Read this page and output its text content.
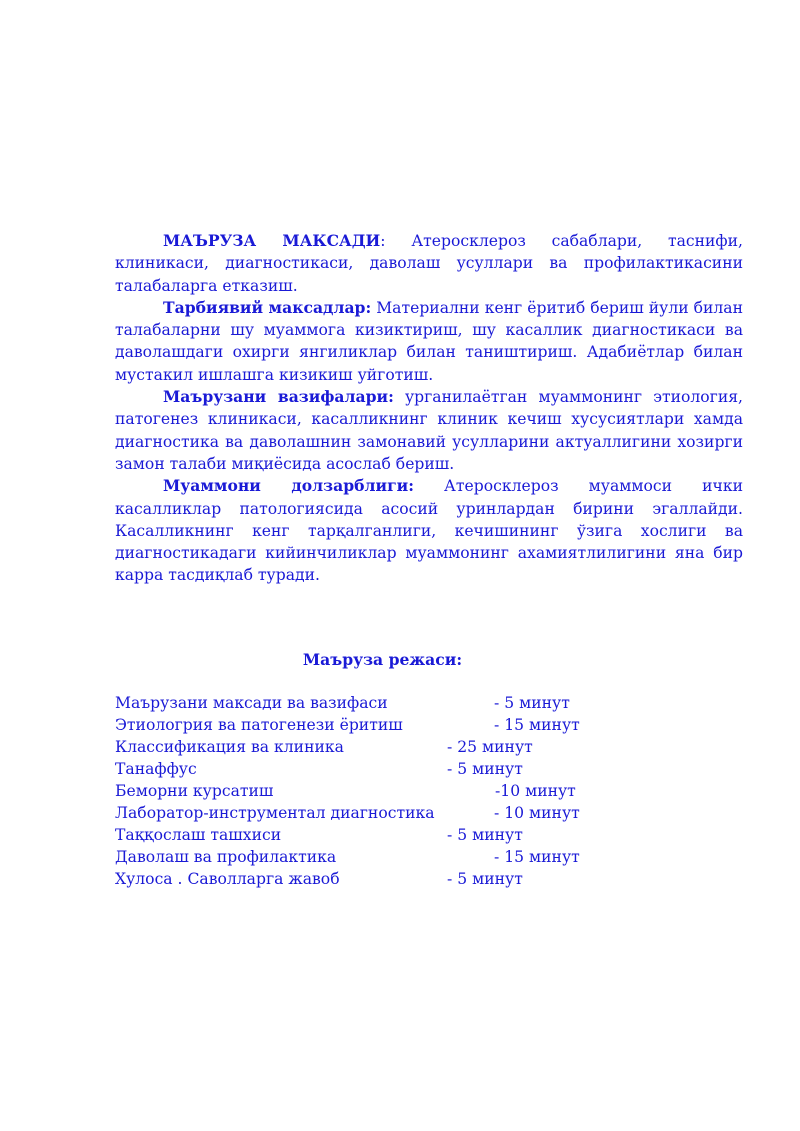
МАЪРУЗА МАКСАДИ: Атеросклероз сабаблари, таснифи, клиникаси, диагностикаси, даволаш усуллари ва профилактикасини талабаларга етказиш.

Тарбиявий максадлар: Материални кенг ёритиб бериш йули билан талабаларни шу муаммога кизиктириш, шу касаллик диагностикаси ва даволашдаги охирги янгиликлар билан таништириш. Адабиётлар билан мустакил ишлашга кизикиш уйготиш.

Маърузани вазифалари: урганилаётган муаммонинг этиология, патогенез клиникаси, касалликнинг клиник кечиш хусусиятлари хамда диагностика ва даволашнин замонавий усулларини актуаллигини хозирги замон талаби миқиёсида асослаб бериш.

Муаммони долзарблиги: Атеросклероз муаммоси ички касалликлар патологиясида асосий уринлардан бирини эгаллайди. Касалликнинг кенг тарқалганлиги, кечишининг ўзига хослиги ва диагностикадаги кийинчиликлар муаммонинг ахамиятлилигини яна бир карра тасдиқлаб туради.

Маъруза режаси:

Маърузани максади ва вазифаси	- 5 минут
Этиологрия ва патогенези ёритиш	- 15 минут
Классификация ва клиника	- 25 минут
Танаффус	- 5 минут
Беморни курсатиш	-10 минут
Лаборатор-инструментал диагностика	- 10 минут
Таққослаш ташхиси	- 5 минут
Даволаш ва профилактика	- 15 минут
Хулоса . Саволларга жавоб	- 5 минут
